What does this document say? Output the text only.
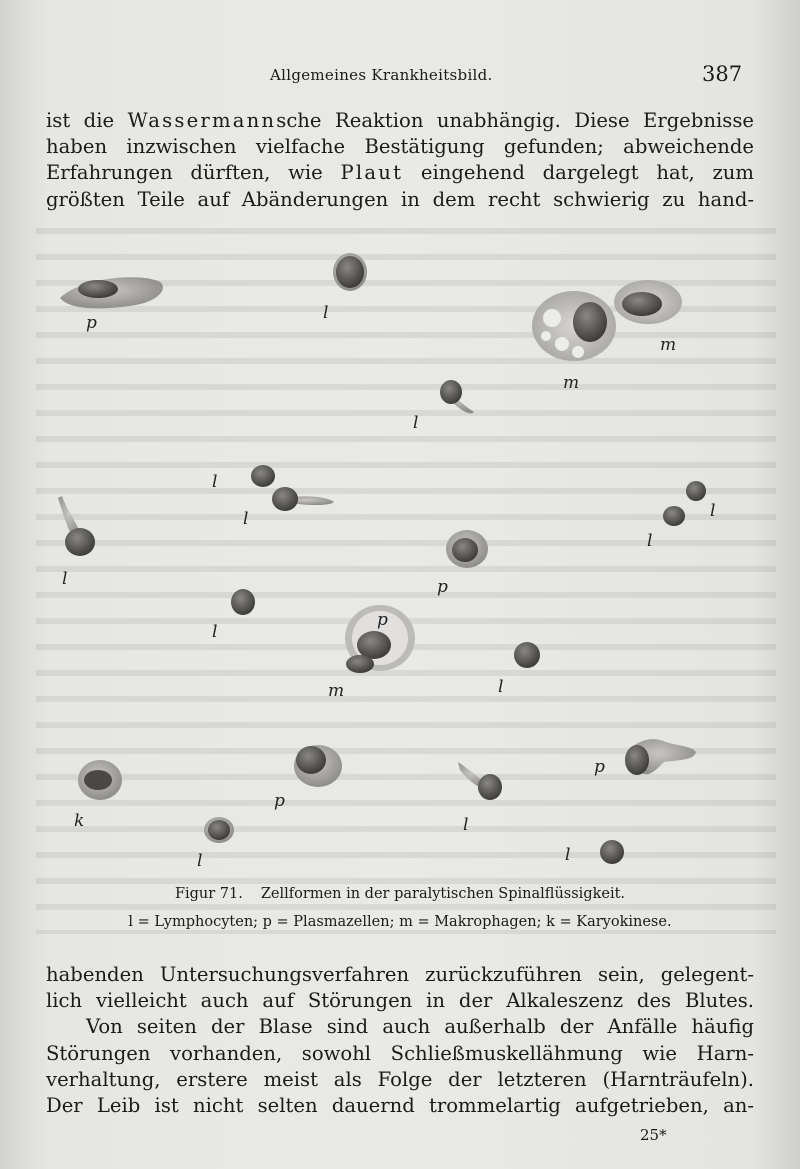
Allgemeines Krankheitsbild.	387

ist die Wassermannsche Reaktion unabhängig. Diese Ergebnisse

haben inzwischen vielfache Bestätigung gefunden; abweichende

Erfahrungen dürften, wie Plaut eingehend dargelegt hat, zum

größten Teile auf Abänderungen in dem recht schwierig zu hand-

p	l
m
m
l
l
l	l
l
l	p
l
p
m	l
k
p
l
p
l	l
Figur 71. Zellformen in der paralytischen Spinalflüssigkeit.
l = Lymphocyten; p = Plasmazellen; m = Makrophagen; k = Karyokinese.

habenden Untersuchungsverfahren zurückzuführen sein, gelegent-

lich vielleicht auch auf Störungen in der Alkaleszenz des Blutes.

Von seiten der Blase sind auch außerhalb der Anfälle häufig

Störungen vorhanden, sowohl Schließmuskellähmung wie Harn-

verhaltung, erstere meist als Folge der letzteren (Harnträufeln).

Der Leib ist nicht selten dauernd trommelartig aufgetrieben, an-

25*
